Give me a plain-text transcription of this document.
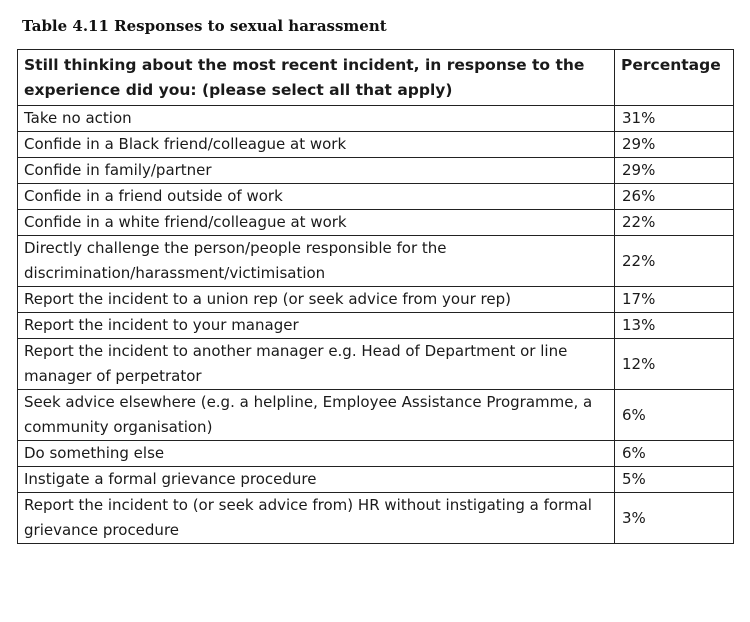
Table 4.11 Responses to sexual harassment
Still thinking about the most recent incident, in response to the experience did you: (please select all that apply)	Percentage
Take no action	31%
Confide in a Black friend/colleague at work	29%
Confide in family/partner	29%
Confide in a friend outside of work	26%
Confide in a white friend/colleague at work	22%
Directly challenge the person/people responsible for the discrimination/harassment/victimisation	22%
Report the incident to a union rep (or seek advice from your rep)	17%
Report the incident to your manager	13%
Report the incident to another manager e.g. Head of Department or line manager of perpetrator	12%
Seek advice elsewhere (e.g. a helpline, Employee Assistance Programme, a community organisation)	6%
Do something else	6%
Instigate a formal grievance procedure	5%
Report the incident to (or seek advice from) HR without instigating a formal grievance procedure	3%
